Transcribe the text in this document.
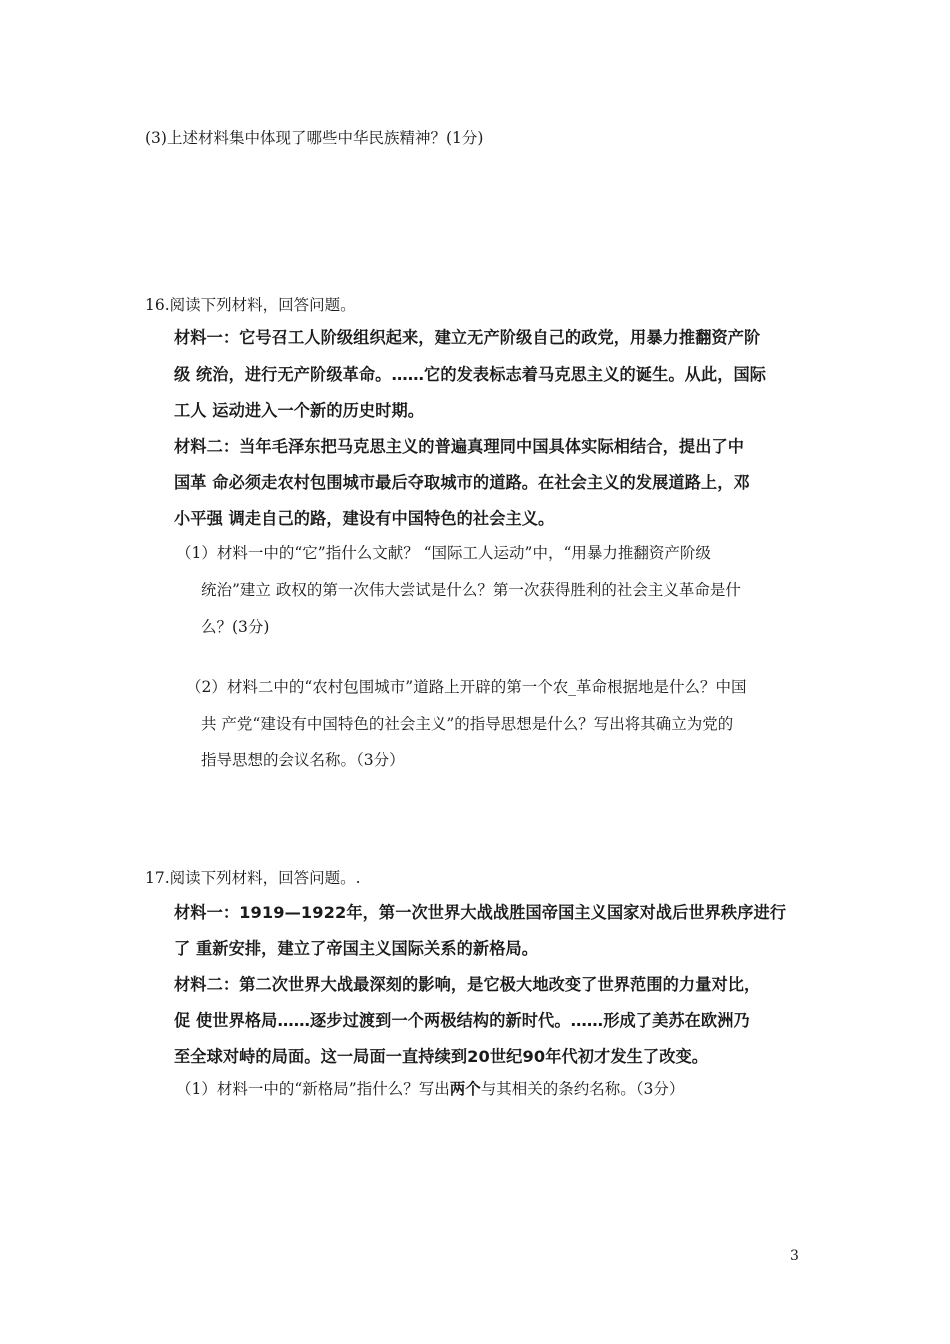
(3)上述材料集中体现了哪些中华民族精神？(1分)
16.阅读下列材料，回答问题。
材料一：它号召工人阶级组织起来，建立无产阶级自己的政党，用暴力推翻资产阶
级 统治，进行无产阶级革命。……它的发表标志着马克思主义的诞生。从此，国际
工人 运动进入一个新的历史时期。
材料二：当年毛泽东把马克思主义的普遍真理同中国具体实际相结合，提出了中
国革 命必须走农村包围城市最后夺取城市的道路。在社会主义的发展道路上，邓
小平强 调走自己的路，建设有中国特色的社会主义。
（1）材料一中的“它”指什么文献？ “国际工人运动”中，“用暴力推翻资产阶级
统治”建立 政权的第一次伟大尝试是什么？第一次获得胜利的社会主义革命是什
么？(3分)
（2）材料二中的“农村包围城市”道路上开辟的第一个农_革命根据地是什么？中国
共 产党“建设有中国特色的社会主义”的指导思想是什么？写出将其确立为党的
指导思想的会议名称。（3分）
17.阅读下列材料，回答问题。.
材料一：1919—1922年，第一次世界大战战胜国帝国主义国家对战后世界秩序进行
了 重新安排，建立了帝国主义国际关系的新格局。
材料二：第二次世界大战最深刻的影响，是它极大地改变了世界范围的力量对比，
促 使世界格局……逐步过渡到一个两极结构的新时代。……形成了美苏在欧洲乃
至全球对峙的局面。这一局面一直持续到20世纪90年代初才发生了改变。
（1）材料一中的“新格局”指什么？写出两个与其相关的条约名称。（3分）
3
